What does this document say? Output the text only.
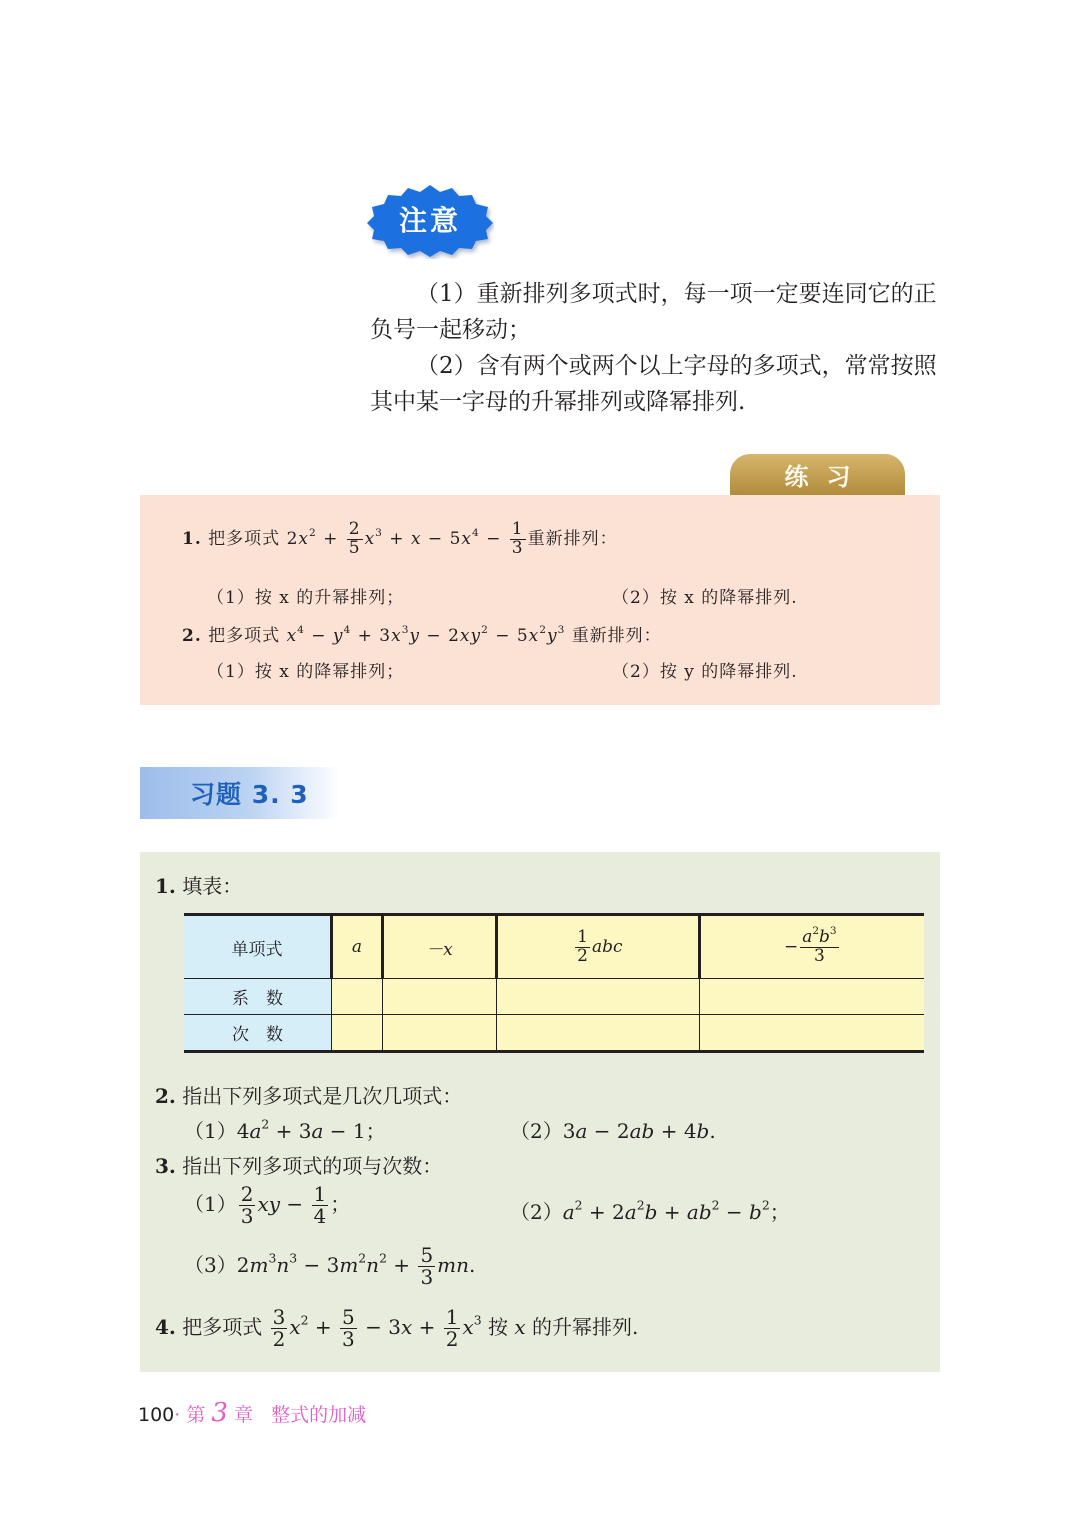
注意

（1）重新排列多项式时，每一项一定要连同它的正

负号一起移动；

（2）含有两个或两个以上字母的多项式，常常按照

其中某一字母的升幂排列或降幂排列.

练习
1. 把多项式 $2x^2 + \frac{2}{5} x^3 + x - 5x^4 - \frac{1}{3}$ 重新排列：
（1）按 x 的升幂排列；	（2）按 x 的降幂排列.
2. 把多项式 $x^4 - y^4 + 3x^3y - 2xy^2 - 5x^2y^3$ 重新排列：
（1）按 x 的降幂排列；	（2）按 y 的降幂排列.
习题 3. 3
1. 填表：
单项式	a	－x	$\frac{1}{2}$ abc	− $\frac{a^2b^3}{3}$

系　数				
次　数				
2. 指出下列多项式是几次几项式：
$(1)4a^2 + 3a - 1$；	（2）3a − 2ab + 4b.
3. 指出下列多项式的项与次数：
$(1) \frac{2}{3}$ xy − $\frac{1}{4}$ ；	$(2)a^2 + 2a^2b + ab^2 - b^2$；
$(3)2m^3n^3 - 3m^2n^2 + \frac{5}{3}$ mn.
4. 把多项式 $\frac{3}{2} x^2 + \frac{5}{3} - 3x + \frac{1}{2} x^3$ 按 x 的升幂排列.
100· 第 3 章 整式的加减
